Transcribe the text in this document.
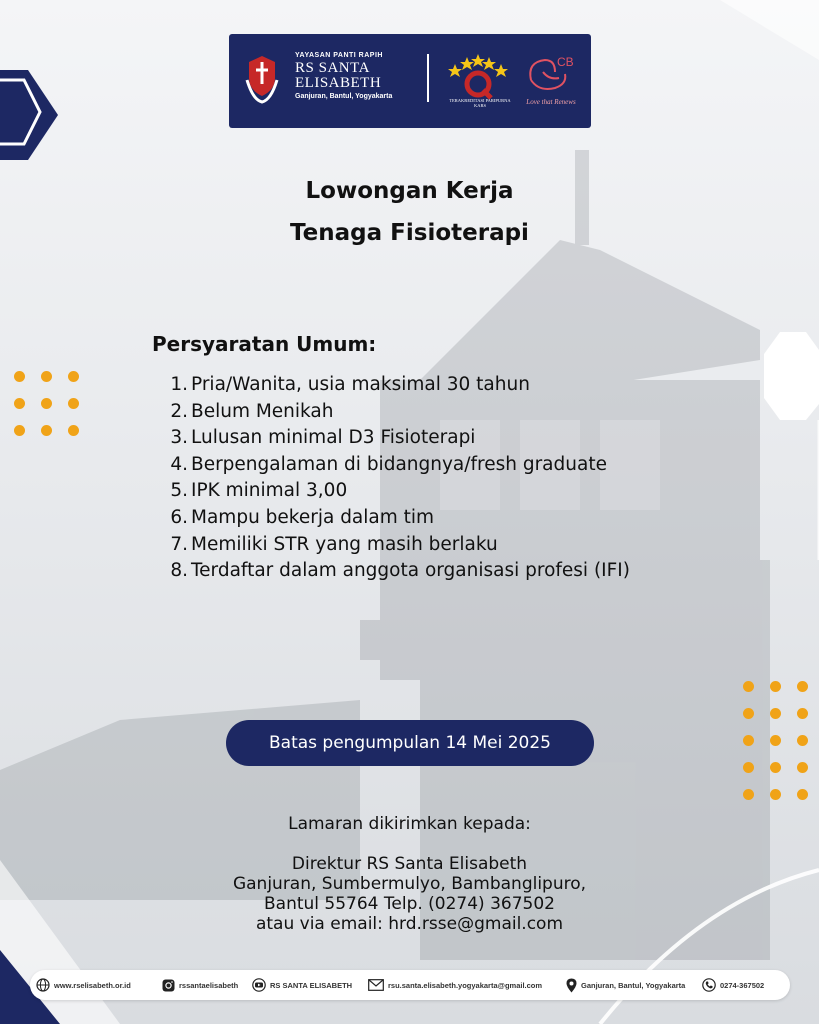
YAYASAN PANTI RAPIH
RS SANTA
ELISABETH
Ganjuran, Bantul, Yogyakarta
TERAKREDITASI PARIPURNA KARS
CB
Love that Renews
Lowongan Kerja
Tenaga Fisioterapi
Persyaratan Umum:
1. Pria/Wanita, usia maksimal 30 tahun
2. Belum Menikah
3. Lulusan minimal D3 Fisioterapi
4. Berpengalaman di bidangnya/fresh graduate
5. IPK minimal 3,00
6. Mampu bekerja dalam tim
7. Memiliki STR yang masih berlaku
8. Terdaftar dalam anggota organisasi profesi (IFI)
Batas pengumpulan 14 Mei 2025
Lamaran dikirimkan kepada:
Direktur RS Santa Elisabeth
Ganjuran, Sumbermulyo, Bambanglipuro,
Bantul 55764 Telp. (0274) 367502
atau via email: hrd.rsse@gmail.com
www.rselisabeth.or.id	rssantaelisabeth	RS SANTA ELISABETH	rsu.santa.elisabeth.yogyakarta@gmail.com	Ganjuran, Bantul, Yogyakarta	0274-367502
